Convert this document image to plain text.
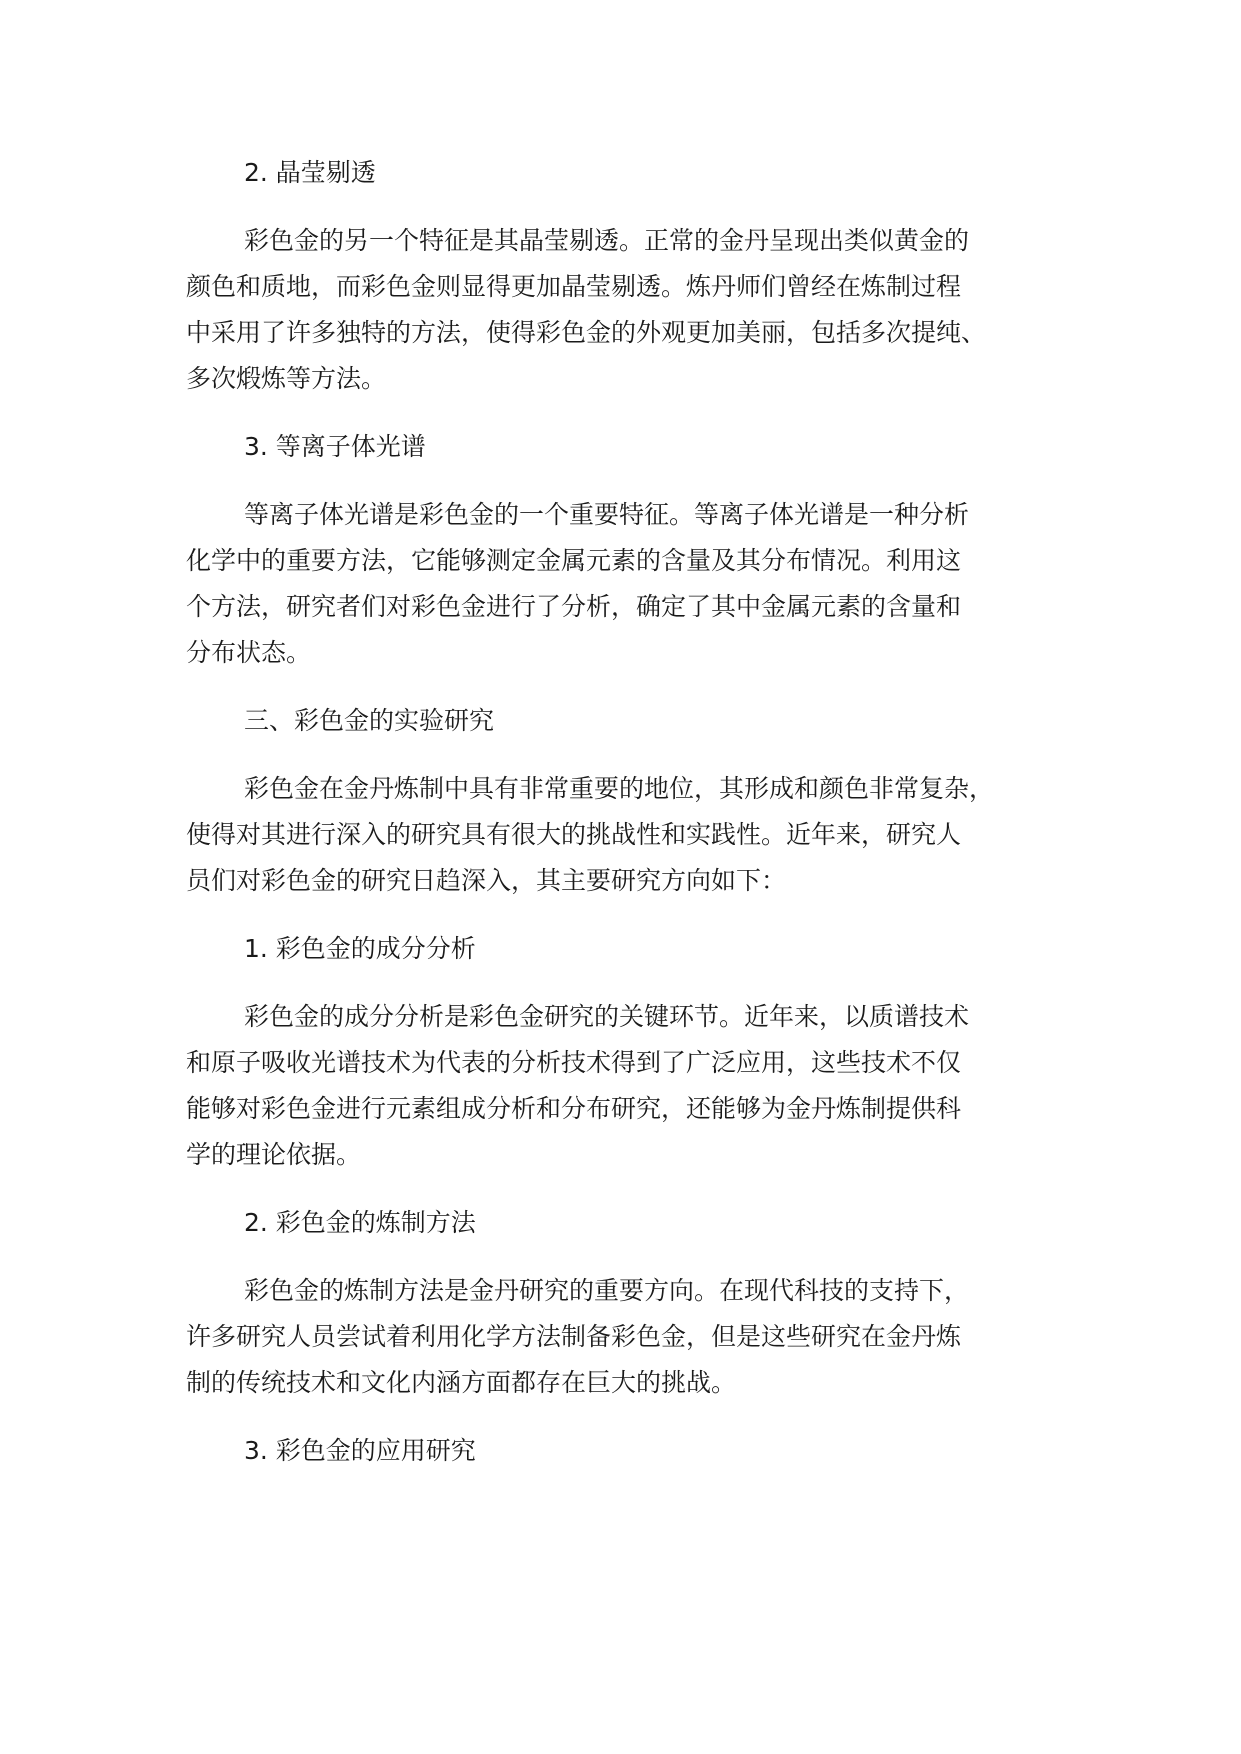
2. 晶莹剔透
彩色金的另一个特征是其晶莹剔透。正常的金丹呈现出类似黄金的
颜色和质地，而彩色金则显得更加晶莹剔透。炼丹师们曾经在炼制过程
中采用了许多独特的方法，使得彩色金的外观更加美丽，包括多次提纯、
多次煅炼等方法。
3. 等离子体光谱
等离子体光谱是彩色金的一个重要特征。等离子体光谱是一种分析
化学中的重要方法，它能够测定金属元素的含量及其分布情况。利用这
个方法，研究者们对彩色金进行了分析，确定了其中金属元素的含量和
分布状态。
三、彩色金的实验研究
彩色金在金丹炼制中具有非常重要的地位，其形成和颜色非常复杂，
使得对其进行深入的研究具有很大的挑战性和实践性。近年来，研究人
员们对彩色金的研究日趋深入，其主要研究方向如下：
1. 彩色金的成分分析
彩色金的成分分析是彩色金研究的关键环节。近年来，以质谱技术
和原子吸收光谱技术为代表的分析技术得到了广泛应用，这些技术不仅
能够对彩色金进行元素组成分析和分布研究，还能够为金丹炼制提供科
学的理论依据。
2. 彩色金的炼制方法
彩色金的炼制方法是金丹研究的重要方向。在现代科技的支持下，
许多研究人员尝试着利用化学方法制备彩色金，但是这些研究在金丹炼
制的传统技术和文化内涵方面都存在巨大的挑战。
3. 彩色金的应用研究
